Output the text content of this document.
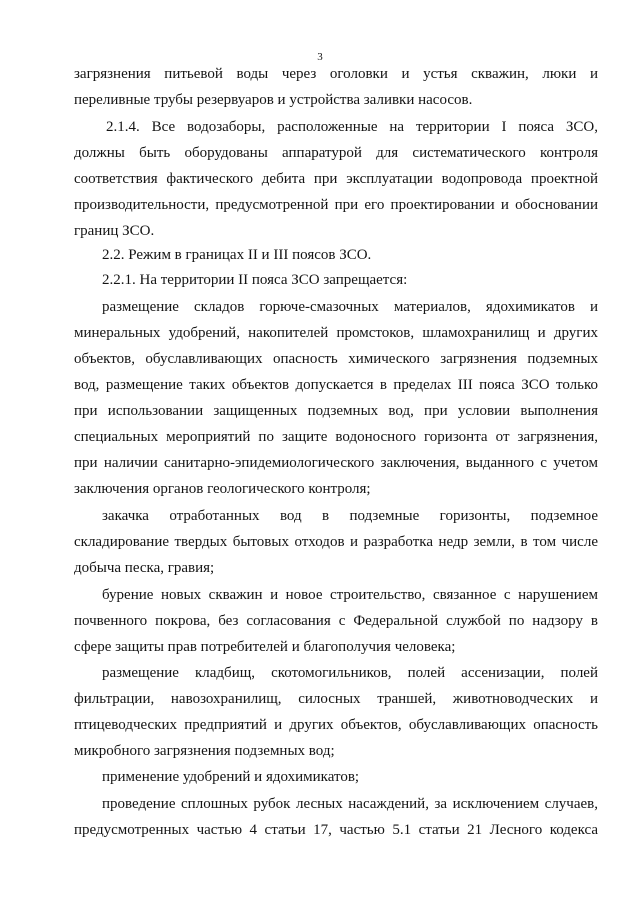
3
загрязнения питьевой воды через оголовки и устья скважин, люки и
переливные трубы резервуаров и устройства заливки насосов.
2.1.4. Все водозаборы, расположенные на территории I пояса ЗСО,
должны быть оборудованы аппаратурой для систематического контроля
соответствия фактического дебита при эксплуатации водопровода проектной
производительности, предусмотренной при его проектировании и обосновании
границ ЗСО.
2.2. Режим в границах II и III поясов ЗСО.
2.2.1. На территории II пояса ЗСО запрещается:
размещение складов горюче-смазочных материалов, ядохимикатов и
минеральных удобрений, накопителей промстоков, шламохранилищ и других
объектов, обуславливающих опасность химического загрязнения подземных
вод, размещение таких объектов допускается в пределах III пояса ЗСО только
при использовании защищенных подземных вод, при условии выполнения
специальных мероприятий по защите водоносного горизонта от загрязнения,
при наличии санитарно-эпидемиологического заключения, выданного с учетом
заключения органов геологического контроля;
закачка отработанных вод в подземные горизонты, подземное
складирование твердых бытовых отходов и разработка недр земли, в том числе
добыча песка, гравия;
бурение новых скважин и новое строительство, связанное с нарушением
почвенного покрова, без согласования с Федеральной службой по надзору в
сфере защиты прав потребителей и благополучия человека;
размещение кладбищ, скотомогильников, полей ассенизации, полей
фильтрации, навозохранилищ, силосных траншей, животноводческих и
птицеводческих предприятий и других объектов, обуславливающих опасность
микробного загрязнения подземных вод;
применение удобрений и ядохимикатов;
проведение сплошных рубок лесных насаждений, за исключением случаев,
предусмотренных частью 4 статьи 17, частью 5.1 статьи 21 Лесного кодекса
